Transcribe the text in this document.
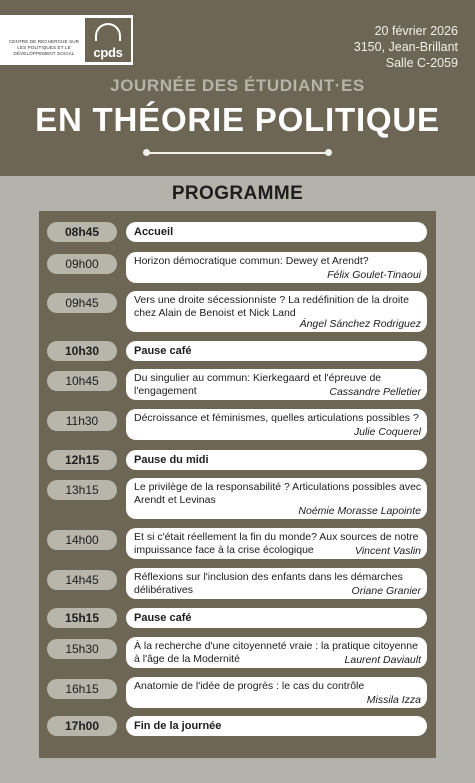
CENTRE DE RECHERCHE SUR LES POLITIQUES ET LE DÉVELOPPEMENT SOCIAL	cpds
20 février 2026
3150, Jean-Brillant
Salle C-2059
JOURNÉE DES ÉTUDIANT·ES
EN THÉORIE POLITIQUE
PROGRAMME
08h45	Accueil
09h00	Horizon démocratique commun: Dewey et Arendt?
Félix Goulet-Tinaoui
09h45	Vers une droite sécessionniste ? La redéfinition de la droite chez Alain de Benoist et Nick Land
Ángel Sánchez Rodriguez
10h30	Pause café
10h45	Du singulier au commun: Kierkegaard et l'épreuve de l'engagement	Cassandre Pelletier
11h30	Décroissance et féminismes, quelles articulations possibles ?
Julie Coquerel
12h15	Pause du midi
13h15	Le privilège de la responsabilité ? Articulations possibles avec Arendt et Levinas
Noémie Morasse Lapointe
14h00	Et si c'était réellement la fin du monde? Aux sources de notre impuissance face à la crise écologique	Vincent Vaslin
14h45	Réflexions sur l'inclusion des enfants dans les démarches délibératives	Oriane Granier
15h15	Pause café
15h30	À la recherche d'une citoyenneté vraie : la pratique citoyenne à l'âge de la Modernité	Laurent Daviault
16h15	Anatomie de l'idée de progrès : le cas du contrôle
Missila Izza
17h00	Fin de la journée
